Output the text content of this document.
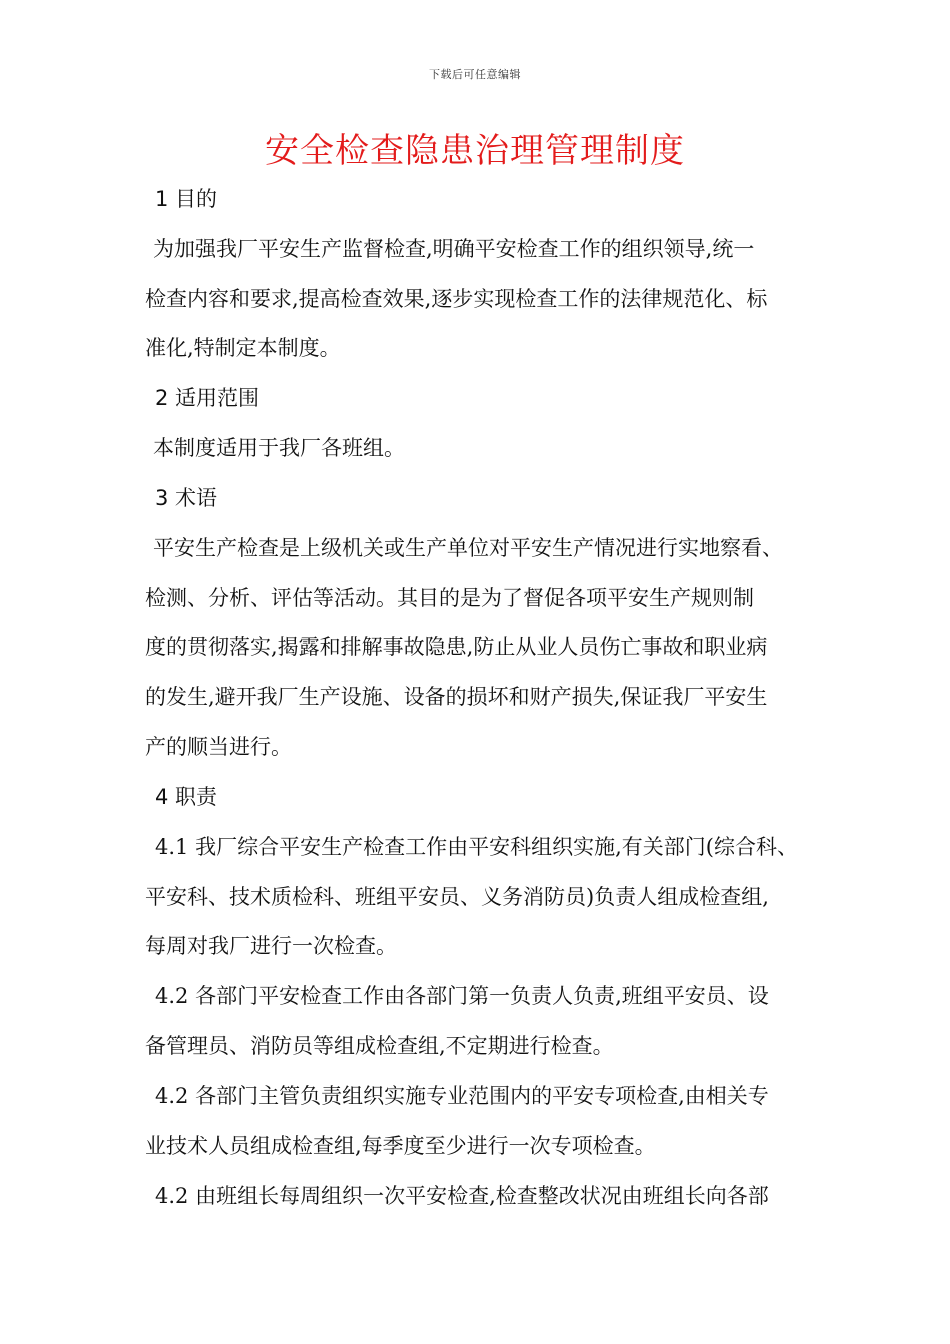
下载后可任意编辑
安全检查隐患治理管理制度
1 目的
为加强我厂平安生产监督检查,明确平安检查工作的组织领导,统一
检查内容和要求,提高检查效果,逐步实现检查工作的法律规范化、标
准化,特制定本制度。
2 适用范围
本制度适用于我厂各班组。
3 术语
平安生产检查是上级机关或生产单位对平安生产情况进行实地察看、
检测、分析、评估等活动。其目的是为了督促各项平安生产规则制
度的贯彻落实,揭露和排解事故隐患,防止从业人员伤亡事故和职业病
的发生,避开我厂生产设施、设备的损坏和财产损失,保证我厂平安生
产的顺当进行。
4 职责
4.1 我厂综合平安生产检查工作由平安科组织实施,有关部门(综合科、
平安科、技术质检科、班组平安员、义务消防员)负责人组成检查组,
每周对我厂进行一次检查。
4.2 各部门平安检查工作由各部门第一负责人负责,班组平安员、设
备管理员、消防员等组成检查组,不定期进行检查。
4.2 各部门主管负责组织实施专业范围内的平安专项检查,由相关专
业技术人员组成检查组,每季度至少进行一次专项检查。
4.2 由班组长每周组织一次平安检查,检查整改状况由班组长向各部
